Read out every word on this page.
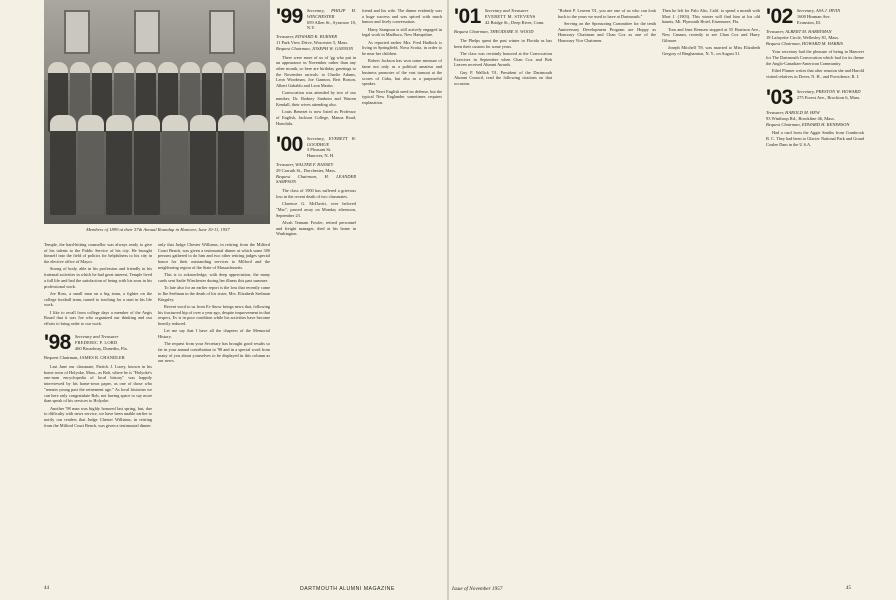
Members of 1899 at their 57th Annual Roundup in Hanover, June 10-11, 1957

Temple, the hard-hitting counsellor was always ready to give of his talents to the Public Service of his city. He brought himself into the field of politics for helpfulness to his city in the elective office of Mayor.

Strong of body, able in his profession and friendly in his fraternal activities in which he had great interest, Temple lived a full life and had the satisfaction of being with his sons in his professional work.

Joe Ross, a small man on a big team, a fighter on the college football team, turned to teaching for a start in his life work.

I like to recall from college days a member of the Aegis Board that it was Joe who organized our thinking and our efforts to bring order to our work.

'98 Secretary and Treasurer
FREDERIC P. LORD
460 Broadway, Dunedin, Fla.
Bequest Chairman, JAMES R. CHANDLER

Last June our classmate, Patrick J. Lucey, known in his home town of Holyoke, Mass., as Bob, where he is "Holyoke's one-man encyclopedia of local history" was happily interviewed by his home-town paper, as one of those who "remain young past the retirement age." As local historian we can here only congratulate Bob, not having space to say more than speak of his services to Holyoke.

Another '98 man was highly honored last spring, but, due to difficulty with news service, we have been unable earlier to notify our readers that Judge Chester Williams, in retiring from the Milford Court Bench, was given a testimonial dinner.

only that Judge Chester Williams, in retiring from the Milford Court Bench, was given a testimonial dinner at which some 300 persons gathered to do him and two other retiring judges special honor for their outstanding services to Milford and the neighboring region of the State of Massachusetts.

This is to acknowledge, with deep appreciation, the many cards sent Sadie Winchester during her illness this past summer.

To late also for an earlier report is the loss that recently came to Ike Seelman in the death of his sister, Mrs. Elizabeth Seelman Kingsley.

Recent word to us from Ev Snow brings news that, following his fracturred hip of over a year ago, despite improvement in that respect, Ev is in poor condition while his activities have become heavily reduced.

Let me say that I have all the chapters of the Memorial History.

The request from your Secretary has brought good results so far in your annual contribution to '98 and in a special word from many of you about yourselves to be displayed in this column as our news.

'99 Secretary, PHILIP H. WINCHESTER
659 Allen St., Syracuse 10, N.Y.
Treasurer, EDWARD K. BURNER
11 Park View Drive, Worcester 5, Mass.
Bequest Chairman, JOSEPH W. GANNON

There were more of us of 'gg who put in an appearance in November rather than any other month, so here are birthday greetings to the November arrivals: to Charlie Adams, Leon Woodman, Joe Gannon, Bert Boston, Albert Gabaldo and Leon Martin.

Convocation was attended by two of our number, Dr. Rodney Sanborn and Warren Kendall, their wives attending also.

Louis Benezet is now listed as Professor of English, Jackson College, Manoa Road, Honolulu.

'00 Secretary, EVERETT W. GOODHUE
3 Pleasant St.
Hanover, N. H.
Treasurer, WALTER F. RANSEY
29 Carruth St., Dorchester, Mass.
Bequest Chairman, H. LEANDER SAMPSON

The class of 1900 has suffered a grievous loss in the recent death of two classmates.

Clarence G. McDavitt, over beloved "Mac", passed away on Monday afternoon, September 23.

Alvah Tennant Fowler, retired personnel and freight manager, died at his home in Washington.

friend and his wife. The dinner evidently was a huge success and was spiced with much humor and lively conversation.

Harry Sampson is still actively engaged in legal work in Marlboro, New Hampshire.

As reported earlier Mrs. Fred Hadlock is living in Springfield, Nova Scotia, in order to be near her children.

Robert Jackson has won some measure of fame not only as a political amateur and business promoter of the vast turnout at the scores of Cuba, but also as a purposeful speaker.

The Newt English need no defense, but the typical New Englander sometimes requires explanation.

'01 Secretary and Treasurer
EVERETT M. STEVENS
42 Bridge St., Deep River, Conn.
Bequest Chairman, THEODORE N. WOOD

The Phelps spent the past winter in Florida as has been their custom for some years.

The class was certainly honored at the Convocation Exercises in September when Chan Cox and Bob Leaven received Alumni Awards.

Guy P. Wallick '01, President of the Dartmouth Alumni Council, read the following citations on that occasion.

"Robert P. Leaven '01, you are one of us who can look back to the years we used to have at Dartmouth."

Serving on the Sponsoring Committee for the tenth Anniversary Development Program are Hoppy as Honorary Chairman and Chan Cox as one of the Honorary Vice Chairmen.

Then he left for Palo Alto, Calif. to spend a month with Mort J. (1903). This winter will find him at his old haunts, Mt. Plymouth Hotel, Eisenmore, Fla.

Tom and Inez Remsen stopped at 55 Harrison Ave., New Canaan, recently to see Chan Cox and Harry Gilmore.

Joseph Mitchell '59, was married to Miss Elizabeth Gregory of Binghamton, N. Y., on August 31.

'02 Secretary, ASA J. IRVIN
1600 Hinman Ave.
Evanston, Ill.
Treasurer, ALBERT M. HARRYMAN
18 Lafayette Circle, Wellesley 81, Mass.
Bequest Chairman, HOWARD M. HARRIS

Your secretary had the pleasure of being in Hanover for The Dartmouth Convocation which had for its theme the Anglo-Canadian-American Community.

Ethel Plumer writes that after reunion she and Harold visited relatives in Dover, N. H., and Providence, R. I.

'03 Secretary, PRESTON W. HOWARD
275 Forest Ave., Brockton 6, Mass.
Treasurer, HAROLD M. HEW
93 Winthrop Rd., Brookline 46, Mass.
Bequest Chairman, EDWARD H. KENERSON

Had a card from the Aggie Smiths from Cranbrook B. C. They had been to Glacier National Park and Grand Coulee Dam in the U.S.A.

44	DARTMOUTH ALUMNI MAGAZINE	Issue of November 1957	45
